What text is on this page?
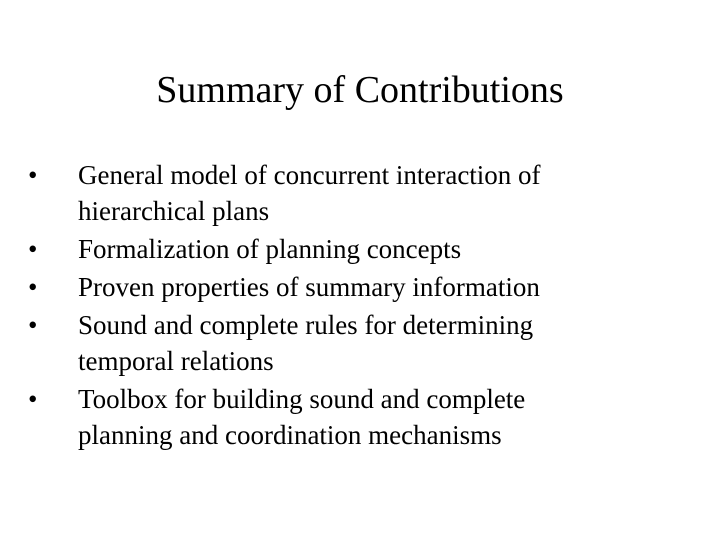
Summary of Contributions
•	General model of concurrent interaction of
hierarchical plans
•	Formalization of planning concepts
•	Proven properties of summary information
•	Sound and complete rules for determining
temporal relations
•	Toolbox for building sound and complete
planning and coordination mechanisms
